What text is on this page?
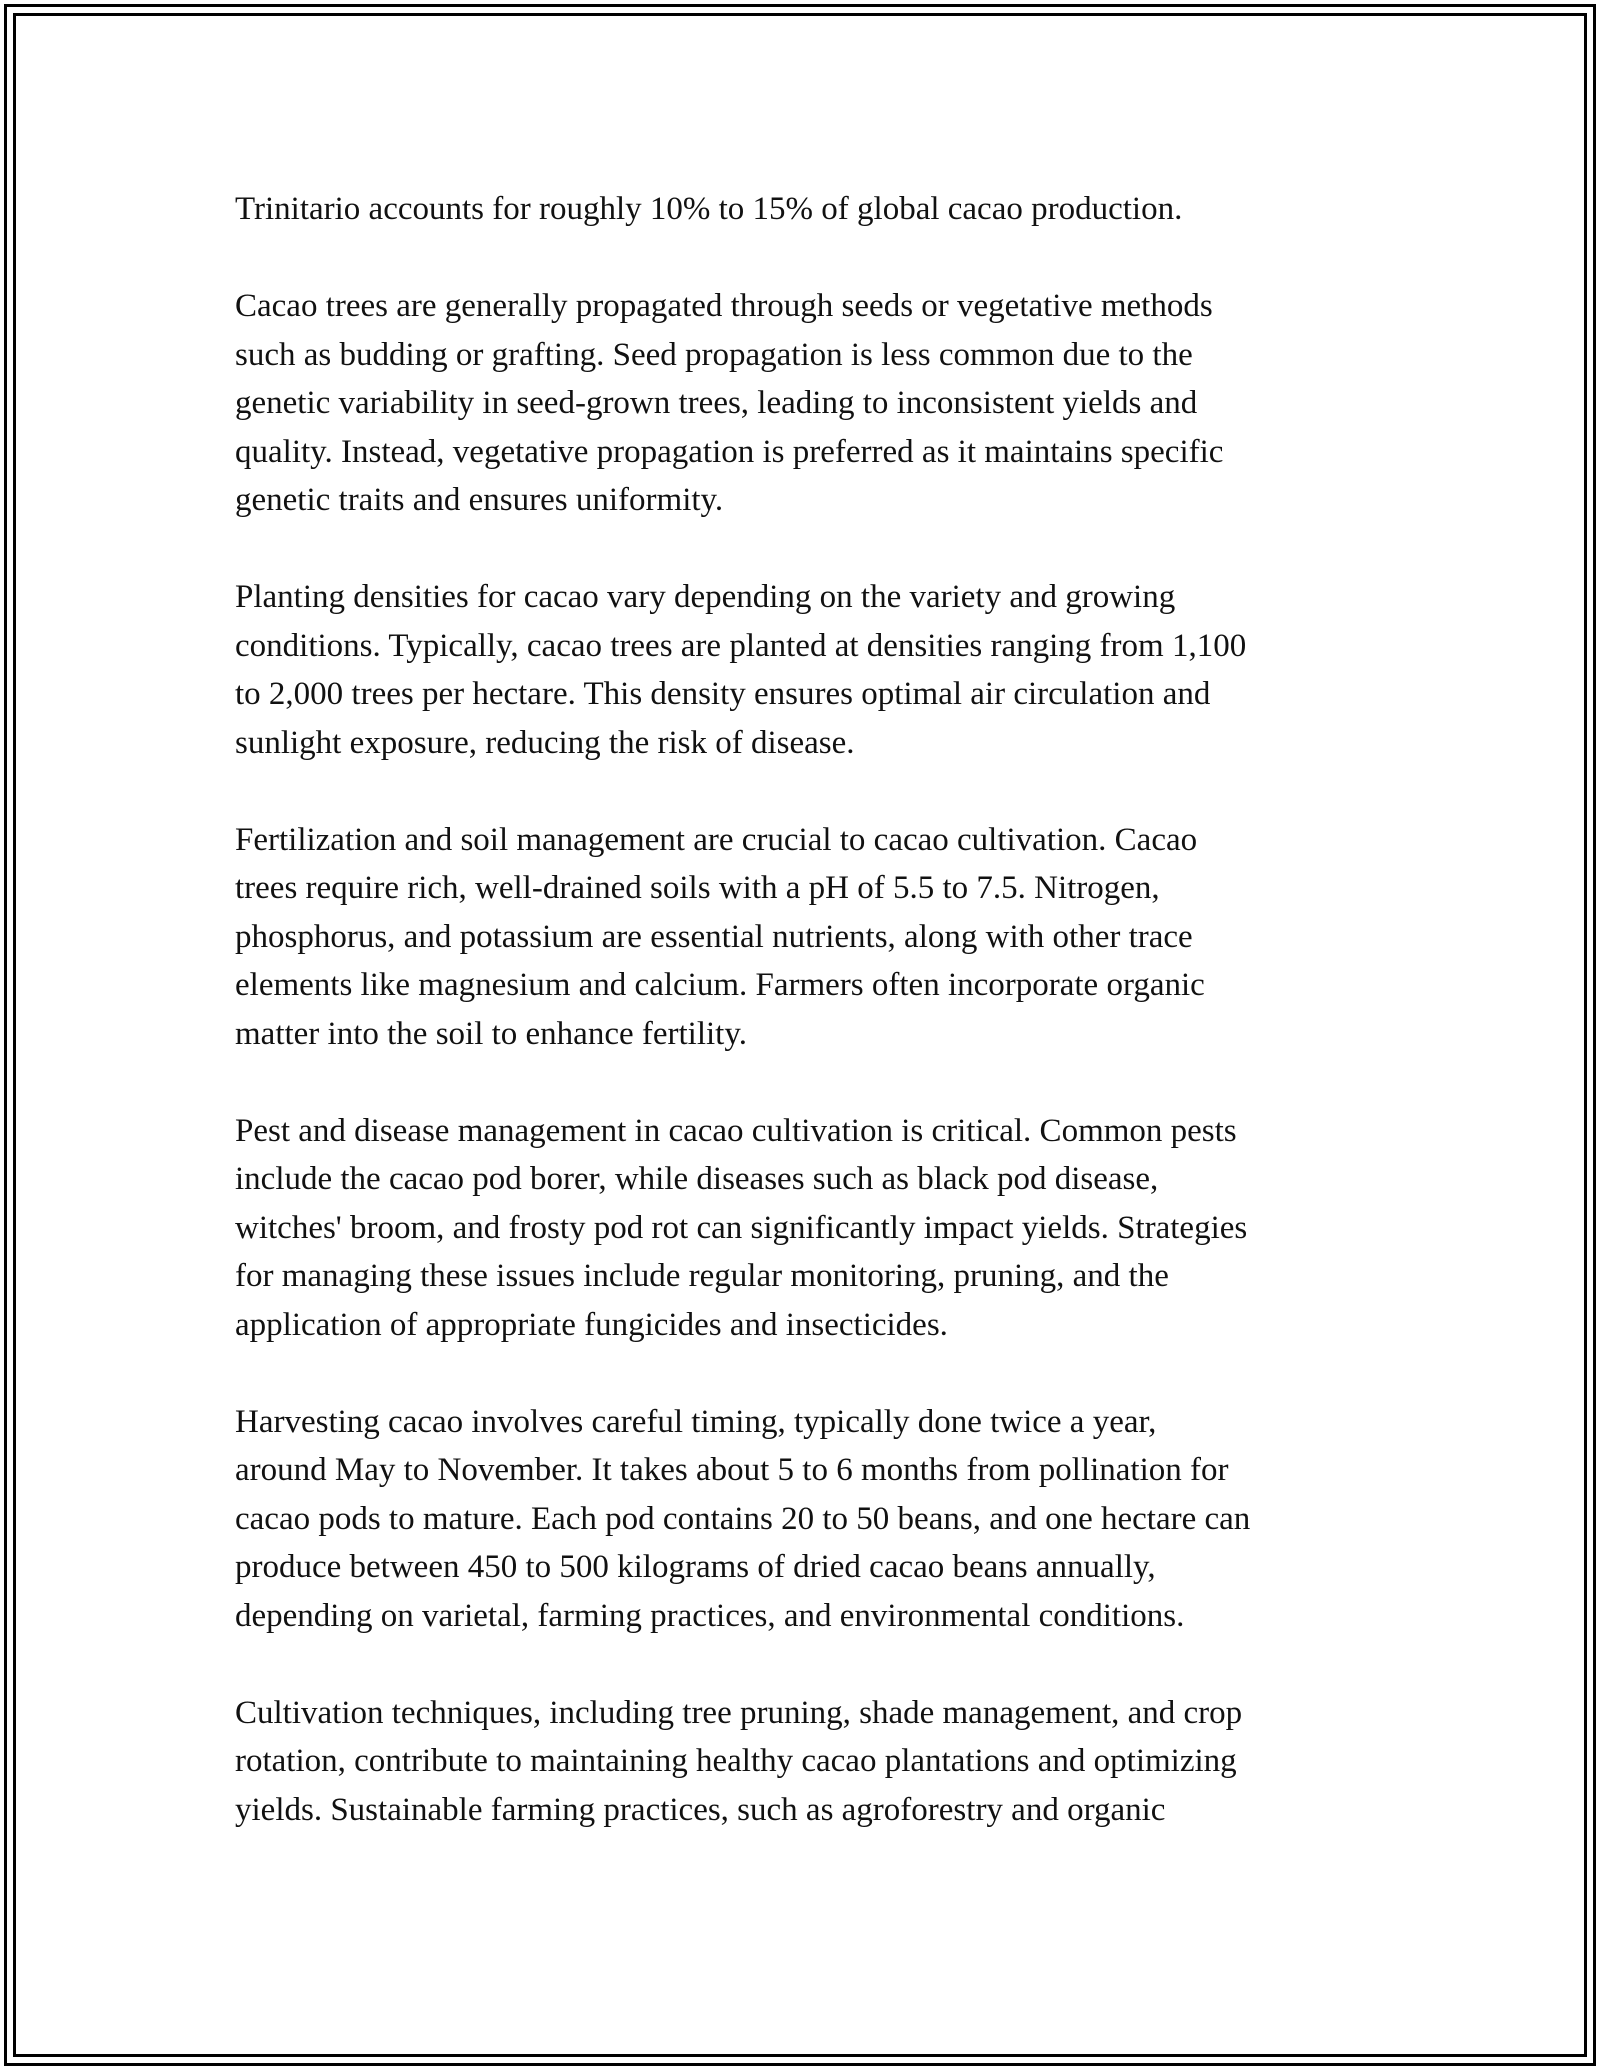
Trinitario accounts for roughly 10% to 15% of global cacao production.

Cacao trees are generally propagated through seeds or vegetative methods
such as budding or grafting. Seed propagation is less common due to the
genetic variability in seed-grown trees, leading to inconsistent yields and
quality. Instead, vegetative propagation is preferred as it maintains specific
genetic traits and ensures uniformity.

Planting densities for cacao vary depending on the variety and growing
conditions. Typically, cacao trees are planted at densities ranging from 1,100
to 2,000 trees per hectare. This density ensures optimal air circulation and
sunlight exposure, reducing the risk of disease.

Fertilization and soil management are crucial to cacao cultivation. Cacao
trees require rich, well-drained soils with a pH of 5.5 to 7.5. Nitrogen,
phosphorus, and potassium are essential nutrients, along with other trace
elements like magnesium and calcium. Farmers often incorporate organic
matter into the soil to enhance fertility.

Pest and disease management in cacao cultivation is critical. Common pests
include the cacao pod borer, while diseases such as black pod disease,
witches' broom, and frosty pod rot can significantly impact yields. Strategies
for managing these issues include regular monitoring, pruning, and the
application of appropriate fungicides and insecticides.

Harvesting cacao involves careful timing, typically done twice a year,
around May to November. It takes about 5 to 6 months from pollination for
cacao pods to mature. Each pod contains 20 to 50 beans, and one hectare can
produce between 450 to 500 kilograms of dried cacao beans annually,
depending on varietal, farming practices, and environmental conditions.

Cultivation techniques, including tree pruning, shade management, and crop
rotation, contribute to maintaining healthy cacao plantations and optimizing
yields. Sustainable farming practices, such as agroforestry and organic
